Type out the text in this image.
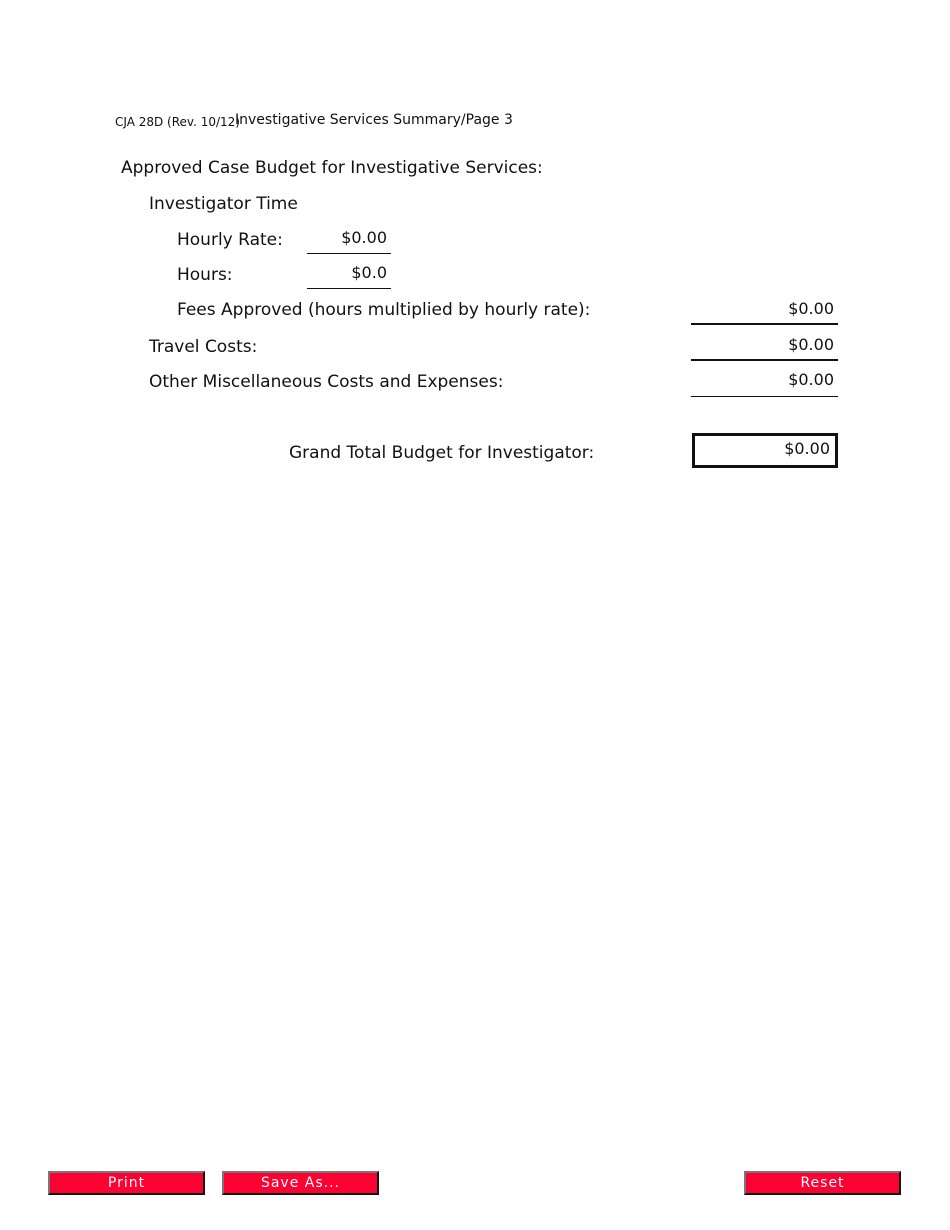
CJA 28D (Rev. 10/12)
Investigative Services Summary/Page 3
Approved Case Budget for Investigative Services:
Investigator Time
Hourly Rate:	$0.00
Hours:	$0.0
Fees Approved (hours multiplied by hourly rate):	$0.00
Travel Costs:	$0.00
Other Miscellaneous Costs and Expenses:	$0.00
Grand Total Budget for Investigator:	$0.00
Print	Save As...	Reset
